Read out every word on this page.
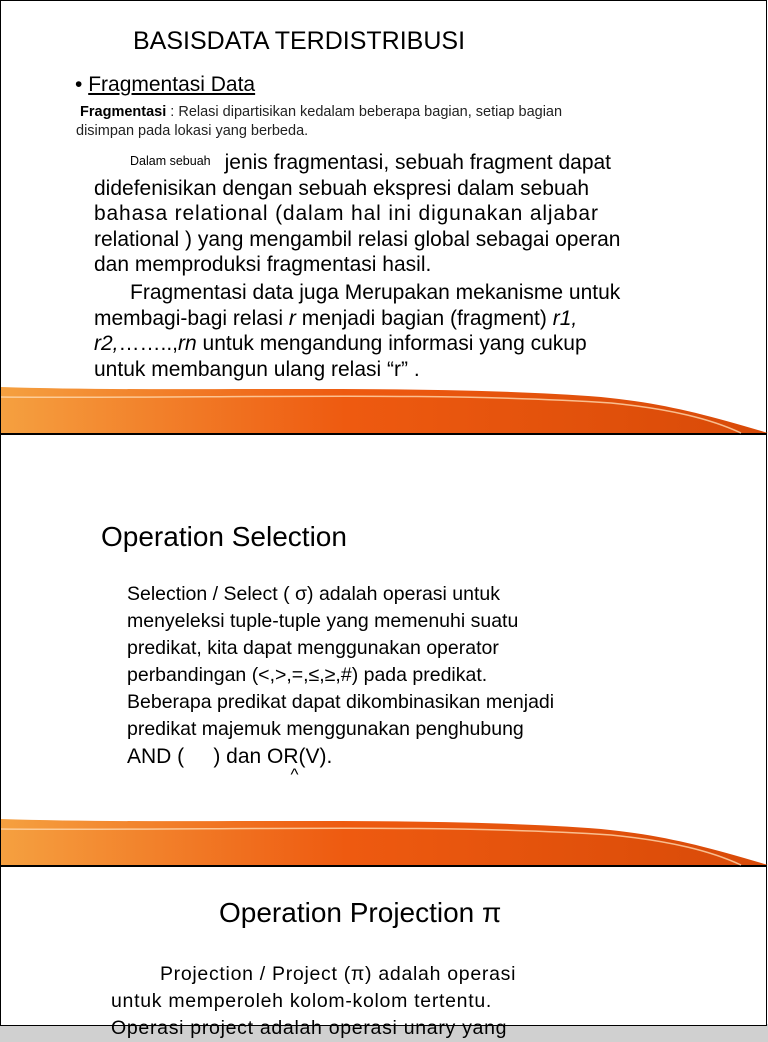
BASISDATA TERDISTRIBUSI
• Fragmentasi Data
Fragmentasi : Relasi dipartisikan kedalam beberapa bagian, setiap bagian
disimpan pada lokasi yang berbeda.
Dalam sebuah jenis fragmentasi, sebuah fragment dapat
didefenisikan dengan sebuah ekspresi dalam sebuah
bahasa relational (dalam hal ini digunakan aljabar
relational ) yang mengambil relasi global sebagai operan
dan memproduksi fragmentasi hasil.
Fragmentasi data juga Merupakan mekanisme untuk
membagi-bagi relasi r menjadi bagian (fragment) r1,
r2,……..,rn untuk mengandung informasi yang cukup
untuk membangun ulang relasi “r” .
Operation Selection
Selection / Select ( σ) adalah operasi untuk
menyeleksi tuple-tuple yang memenuhi suatu
predikat, kita dapat menggunakan operator
perbandingan (<,>,=,≤,≥,#) pada predikat.
Beberapa predikat dapat dikombinasikan menjadi
predikat majemuk menggunakan penghubung
AND (     ) dan OR
^
(V).
Operation Projection π
Projection / Project (π) adalah operasi
untuk memperoleh kolom-kolom tertentu.
Operasi project adalah operasi unary yang
